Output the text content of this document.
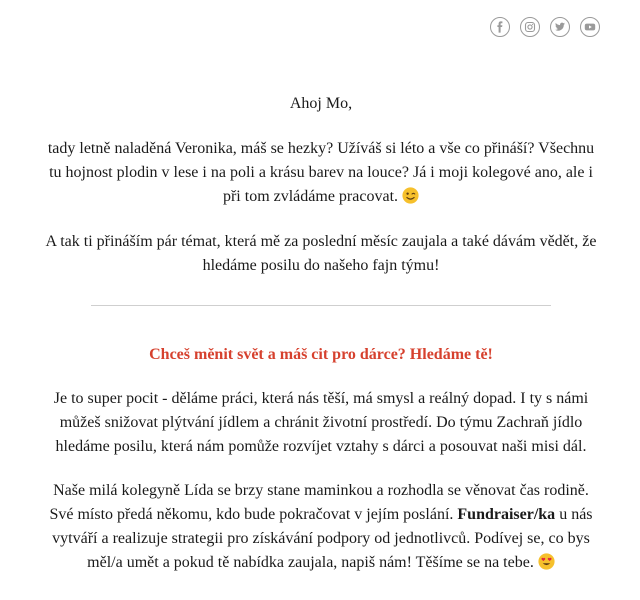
Ahoj Mo,

tady letně naladěná Veronika, máš se hezky? Užíváš si léto a vše co přináší? Všechnu tu hojnost plodin v lese i na poli a krásu barev na louce? Já i moji kolegové ano, ale i při tom zvládáme pracovat.

A tak ti přináším pár témat, která mě za poslední měsíc zaujala a také dávám vědět, že hledáme posilu do našeho fajn týmu!

Chceš měnit svět a máš cit pro dárce? Hledáme tě!

Je to super pocit - děláme práci, která nás těší, má smysl a reálný dopad. I ty s námi můžeš snižovat plýtvání jídlem a chránit životní prostředí. Do týmu Zachraň jídlo hledáme posilu, která nám pomůže rozvíjet vztahy s dárci a posouvat naši misi dál.

Naše milá kolegyně Lída se brzy stane maminkou a rozhodla se věnovat čas rodině. Své místo předá někomu, kdo bude pokračovat v jejím poslání. Fundraiser/ka u nás vytváří a realizuje strategii pro získávání podpory od jednotlivců. Podívej se, co bys měl/a umět a pokud tě nabídka zaujala, napiš nám! Těšíme se na tebe.
